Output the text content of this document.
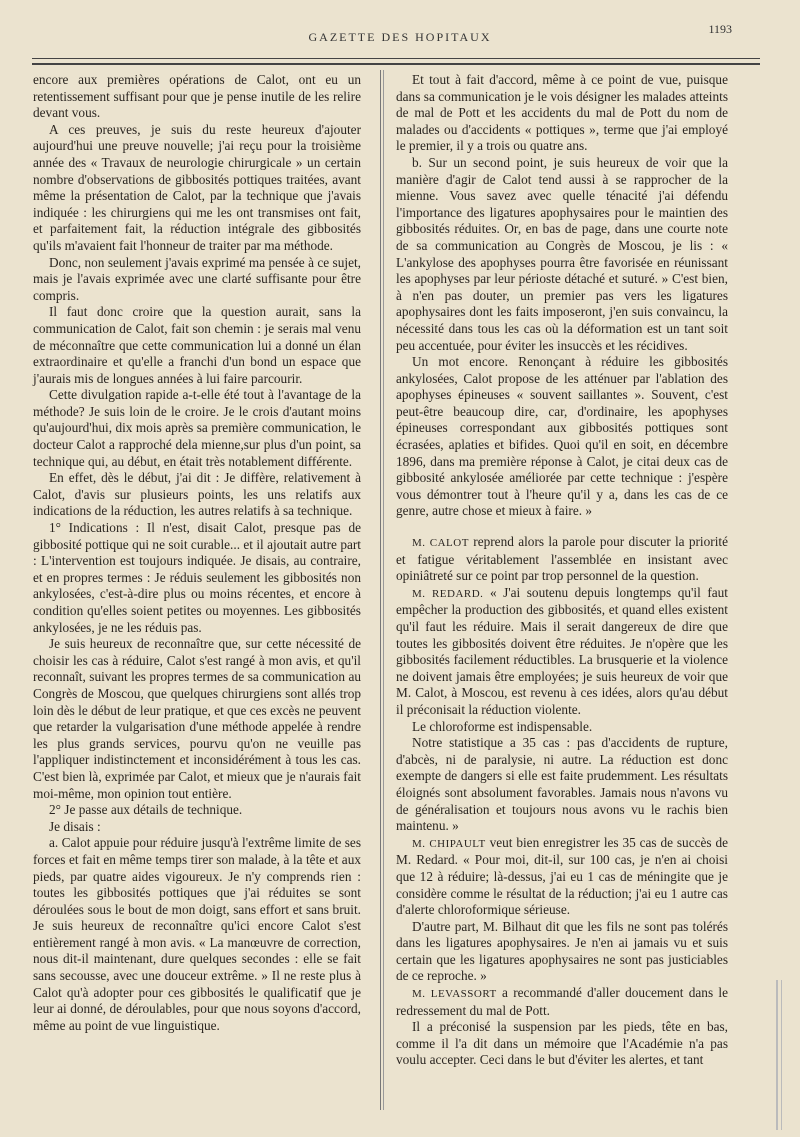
GAZETTE DES HOPITAUX
1193

encore aux premières opérations de Calot, ont eu un retentissement suffisant pour que je pense inutile de les relire devant vous.

A ces preuves, je suis du reste heureux d'ajouter aujourd'hui une preuve nouvelle; j'ai reçu pour la troisième année des « Travaux de neurologie chirurgicale » un certain nombre d'observations de gibbosités pottiques traitées, avant même la présentation de Calot, par la technique que j'avais indiquée : les chirurgiens qui me les ont transmises ont fait, et parfaitement fait, la réduction intégrale des gibbosités qu'ils m'avaient fait l'honneur de traiter par ma méthode.

Donc, non seulement j'avais exprimé ma pensée à ce sujet, mais je l'avais exprimée avec une clarté suffisante pour être compris.

Il faut donc croire que la question aurait, sans la communication de Calot, fait son chemin : je serais mal venu de méconnaître que cette communication lui a donné un élan extraordinaire et qu'elle a franchi d'un bond un espace que j'aurais mis de longues années à lui faire parcourir.

Cette divulgation rapide a-t-elle été tout à l'avantage de la méthode? Je suis loin de le croire. Je le crois d'autant moins qu'aujourd'hui, dix mois après sa première communication, le docteur Calot a rapproché dela mienne,sur plus d'un point, sa technique qui, au début, en était très notablement différente.

En effet, dès le début, j'ai dit : Je diffère, relativement à Calot, d'avis sur plusieurs points, les uns relatifs aux indications de la réduction, les autres relatifs à sa technique.

1° Indications : Il n'est, disait Calot, presque pas de gibbosité pottique qui ne soit curable... et il ajoutait autre part : L'intervention est toujours indiquée. Je disais, au contraire, et en propres termes : Je réduis seulement les gibbosités non ankylosées, c'est-à-dire plus ou moins récentes, et encore à condition qu'elles soient petites ou moyennes. Les gibbosités ankylosées, je ne les réduis pas.

Je suis heureux de reconnaître que, sur cette nécessité de choisir les cas à réduire, Calot s'est rangé à mon avis, et qu'il reconnaît, suivant les propres termes de sa communication au Congrès de Moscou, que quelques chirurgiens sont allés trop loin dès le début de leur pratique, et que ces excès ne peuvent que retarder la vulgarisation d'une méthode appelée à rendre les plus grands services, pourvu qu'on ne veuille pas l'appliquer indistinctement et inconsidérément à tous les cas. C'est bien là, exprimée par Calot, et mieux que je n'aurais fait moi-même, mon opinion tout entière.

2° Je passe aux détails de technique.

Je disais :

a. Calot appuie pour réduire jusqu'à l'extrême limite de ses forces et fait en même temps tirer son malade, à la tête et aux pieds, par quatre aides vigoureux. Je n'y comprends rien : toutes les gibbosités pottiques que j'ai réduites se sont déroulées sous le bout de mon doigt, sans effort et sans bruit. Je suis heureux de reconnaître qu'ici encore Calot s'est entièrement rangé à mon avis. « La manœuvre de correction, nous dit-il maintenant, dure quelques secondes : elle se fait sans secousse, avec une douceur extrême. » Il ne reste plus à Calot qu'à adopter pour ces gibbosités le qualificatif que je leur ai donné, de déroulables, pour que nous soyons d'accord, même au point de vue linguistique.

Et tout à fait d'accord, même à ce point de vue, puisque dans sa communication je le vois désigner les malades atteints de mal de Pott et les accidents du mal de Pott du nom de malades ou d'accidents « pottiques », terme que j'ai employé le premier, il y a trois ou quatre ans.

b. Sur un second point, je suis heureux de voir que la manière d'agir de Calot tend aussi à se rapprocher de la mienne. Vous savez avec quelle ténacité j'ai défendu l'importance des ligatures apophysaires pour le maintien des gibbosités réduites. Or, en bas de page, dans une courte note de sa communication au Congrès de Moscou, je lis : « L'ankylose des apophyses pourra être favorisée en réunissant les apophyses par leur périoste détaché et suturé. » C'est bien, à n'en pas douter, un premier pas vers les ligatures apophysaires dont les faits imposeront, j'en suis convaincu, la nécessité dans tous les cas où la déformation est un tant soit peu accentuée, pour éviter les insuccès et les récidives.

Un mot encore. Renonçant à réduire les gibbosités ankylosées, Calot propose de les atténuer par l'ablation des apophyses épineuses « souvent saillantes ». Souvent, c'est peut-être beaucoup dire, car, d'ordinaire, les apophyses épineuses correspondant aux gibbosités pottiques sont écrasées, aplaties et bifides. Quoi qu'il en soit, en décembre 1896, dans ma première réponse à Calot, je citai deux cas de gibbosité ankylosée améliorée par cette technique : j'espère vous démontrer tout à l'heure qu'il y a, dans les cas de ce genre, autre chose et mieux à faire. »

M. CALOT reprend alors la parole pour discuter la priorité et fatigue véritablement l'assemblée en insistant avec opiniâtreté sur ce point par trop personnel de la question.

M. REDARD. « J'ai soutenu depuis longtemps qu'il faut empêcher la production des gibbosités, et quand elles existent qu'il faut les réduire. Mais il serait dangereux de dire que toutes les gibbosités doivent être réduites. Je n'opère que les gibbosités facilement réductibles. La brusquerie et la violence ne doivent jamais être employées; je suis heureux de voir que M. Calot, à Moscou, est revenu à ces idées, alors qu'au début il préconisait la réduction violente.

Le chloroforme est indispensable.

Notre statistique a 35 cas : pas d'accidents de rupture, d'abcès, ni de paralysie, ni autre. La réduction est donc exempte de dangers si elle est faite prudemment. Les résultats éloignés sont absolument favorables. Jamais nous n'avons vu de généralisation et toujours nous avons vu le rachis bien maintenu. »

M. CHIPAULT veut bien enregistrer les 35 cas de succès de M. Redard. « Pour moi, dit-il, sur 100 cas, je n'en ai choisi que 12 à réduire; là-dessus, j'ai eu 1 cas de méningite que je considère comme le résultat de la réduction; j'ai eu 1 autre cas d'alerte chloroformique sérieuse.

D'autre part, M. Bilhaut dit que les fils ne sont pas tolérés dans les ligatures apophysaires. Je n'en ai jamais vu et suis certain que les ligatures apophysaires ne sont pas justiciables de ce reproche. »

M. LEVASSORT a recommandé d'aller doucement dans le redressement du mal de Pott.

Il a préconisé la suspension par les pieds, tête en bas, comme il l'a dit dans un mémoire que l'Académie n'a pas voulu accepter. Ceci dans le but d'éviter les alertes, et tant
